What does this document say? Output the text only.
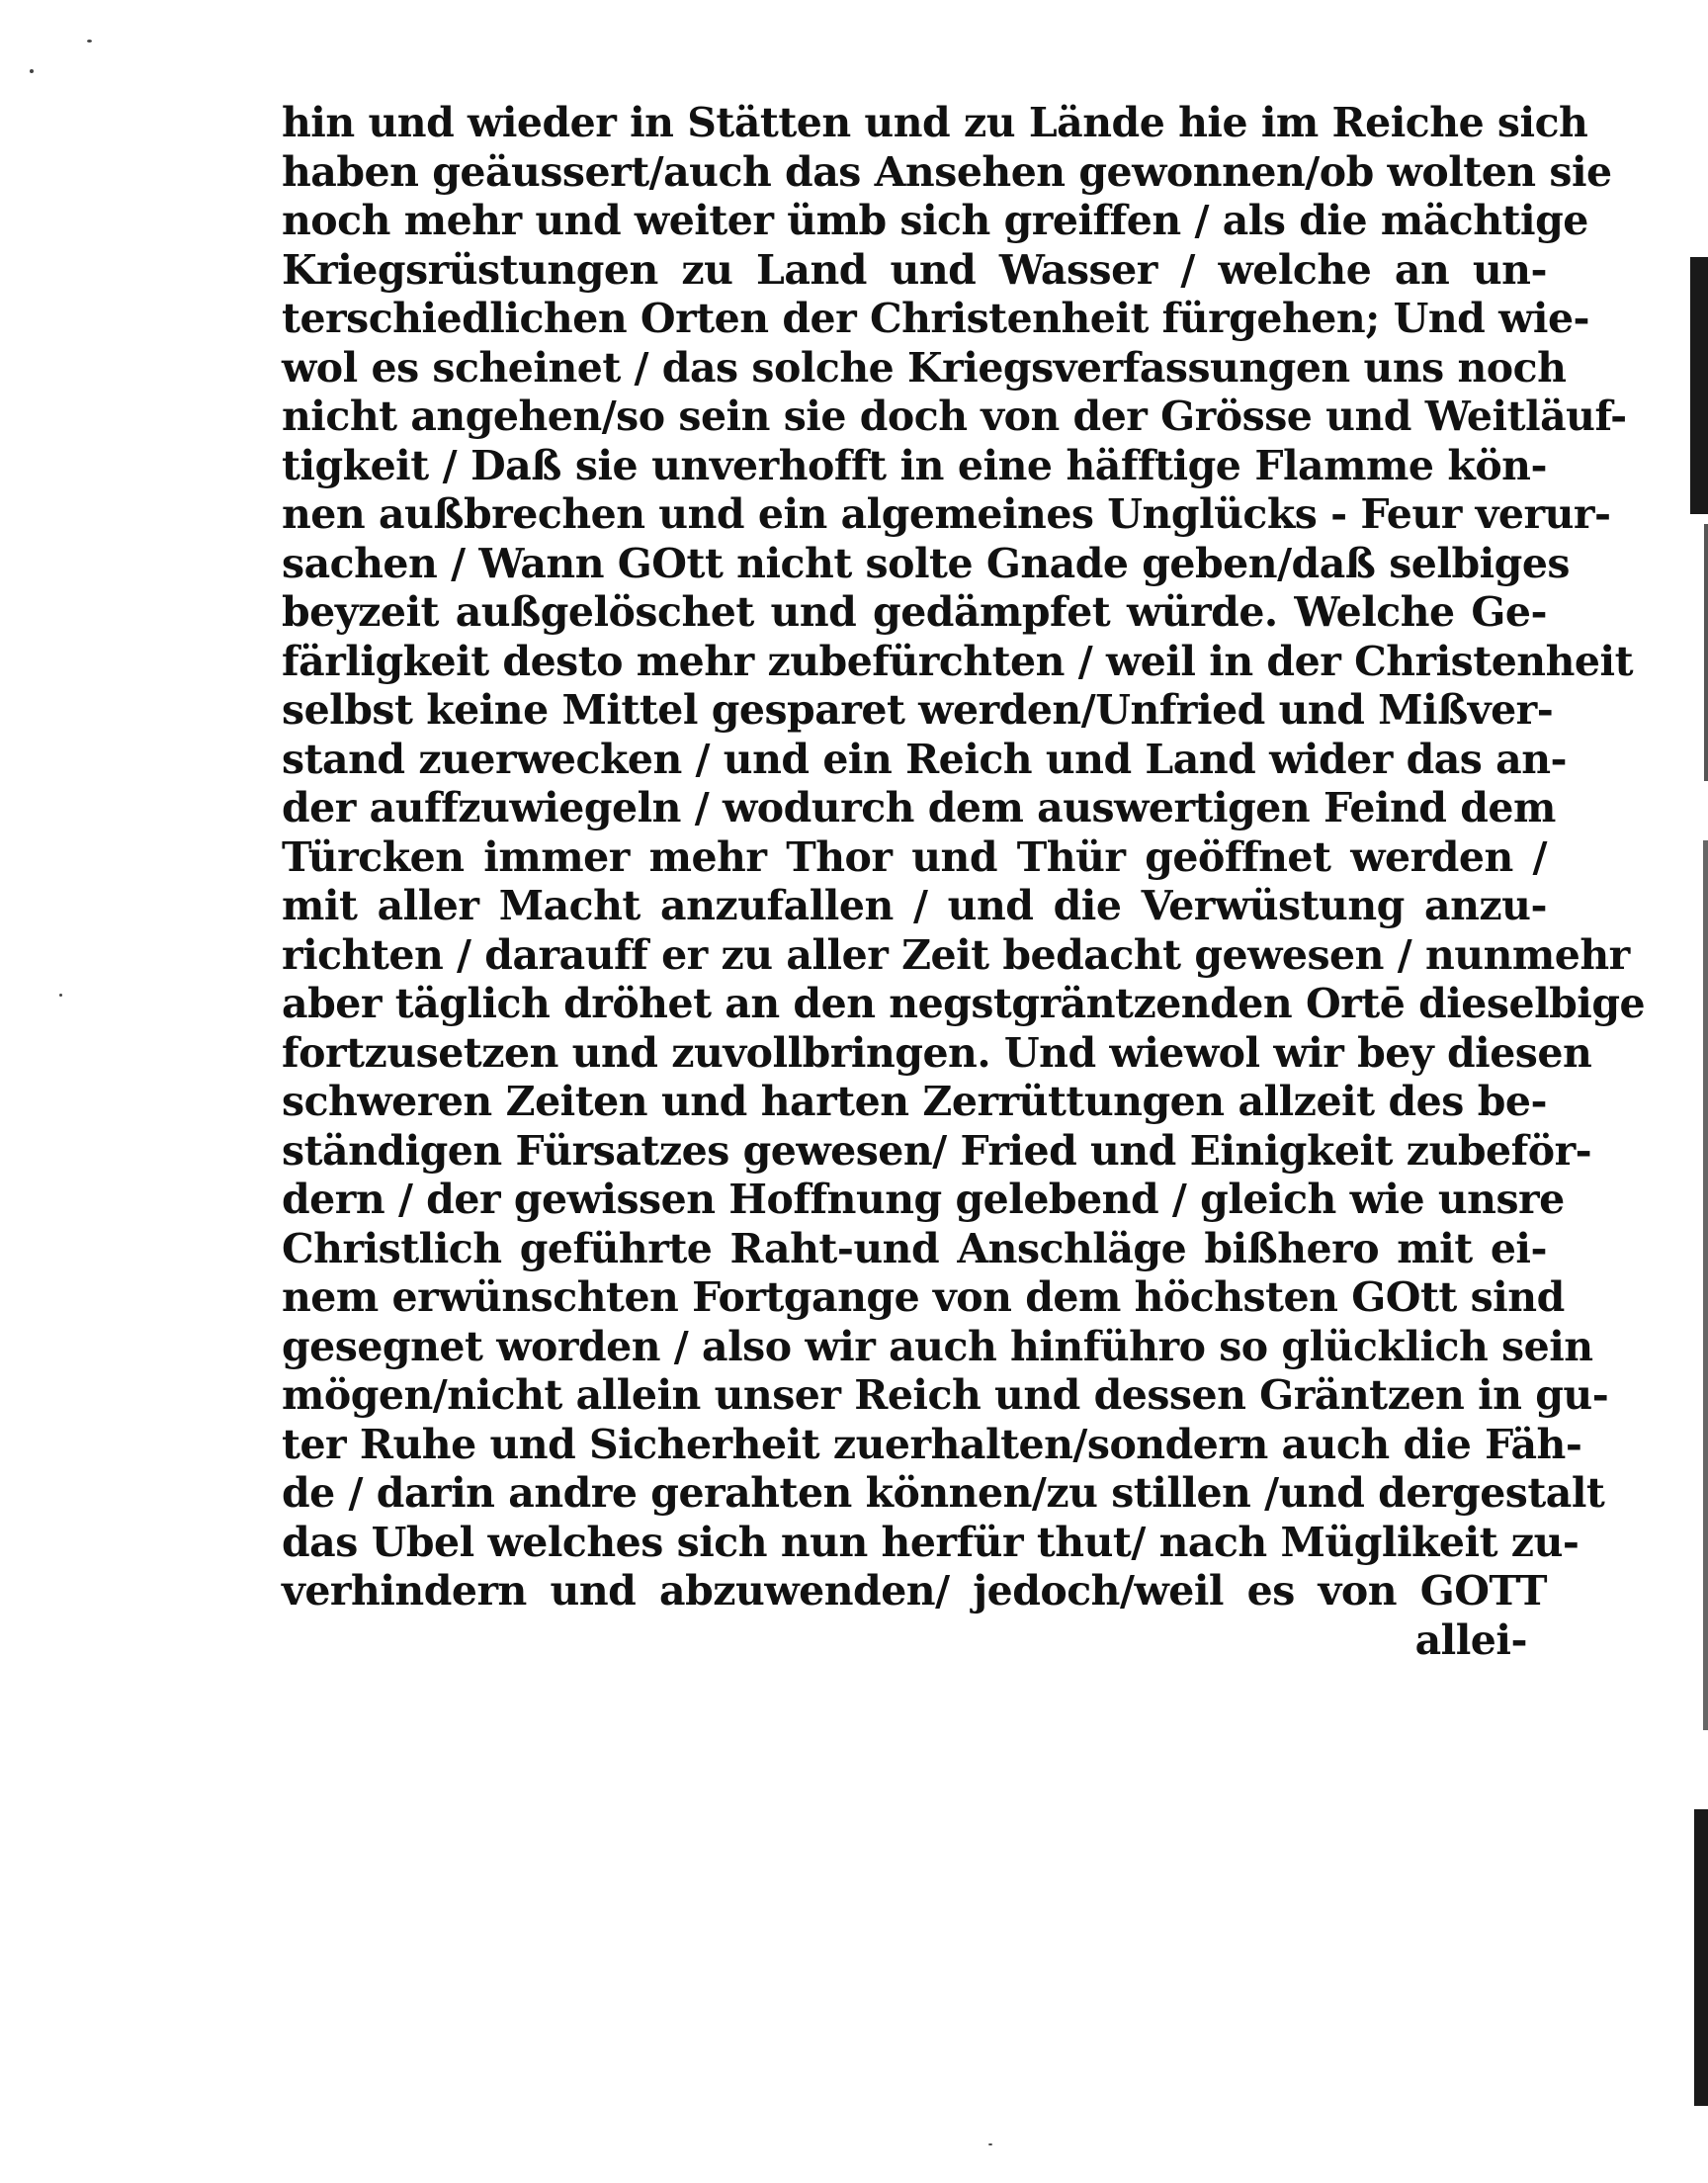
hin und wieder in Stätten und zu Lände hie im Reiche sich
haben geäussert/auch das Ansehen gewonnen/ob wolten sie
noch mehr und weiter ümb sich greiffen / als die mächtige
Kriegsrüstungen zu Land und Wasser / welche an un-
terschiedlichen Orten der Christenheit fürgehen; Und wie-
wol es scheinet / das solche Kriegsverfassungen uns noch
nicht angehen/so sein sie doch von der Grösse und Weitläuf-
tigkeit / Daß sie unverhofft in eine häfftige Flamme kön-
nen außbrechen und ein algemeines Unglücks - Feur verur-
sachen / Wann GOtt nicht solte Gnade geben/daß selbiges
beyzeit außgelöschet und gedämpfet würde. Welche Ge-
färligkeit desto mehr zubefürchten / weil in der Christenheit
selbst keine Mittel gesparet werden/Unfried und Mißver-
stand zuerwecken / und ein Reich und Land wider das an-
der auffzuwiegeln / wodurch dem auswertigen Feind dem
Türcken immer mehr Thor und Thür geöffnet werden /
mit aller Macht anzufallen / und die Verwüstung anzu-
richten / darauff er zu aller Zeit bedacht gewesen / nunmehr
aber täglich dröhet an den negstgräntzenden Ortē dieselbige
fortzusetzen und zuvollbringen. Und wiewol wir bey diesen
schweren Zeiten und harten Zerrüttungen allzeit des be-
ständigen Fürsatzes gewesen/ Fried und Einigkeit zubeför-
dern / der gewissen Hoffnung gelebend / gleich wie unsre
Christlich geführte Raht-und Anschläge bißhero mit ei-
nem erwünschten Fortgange von dem höchsten GOtt sind
gesegnet worden / also wir auch hinführo so glücklich sein
mögen/nicht allein unser Reich und dessen Gräntzen in gu-
ter Ruhe und Sicherheit zuerhalten/sondern auch die Fäh-
de / darin andre gerahten können/zu stillen /und dergestalt
das Ubel welches sich nun herfür thut/ nach Müglikeit zu-
verhindern und abzuwenden/ jedoch/weil es von GOTT
allei-
